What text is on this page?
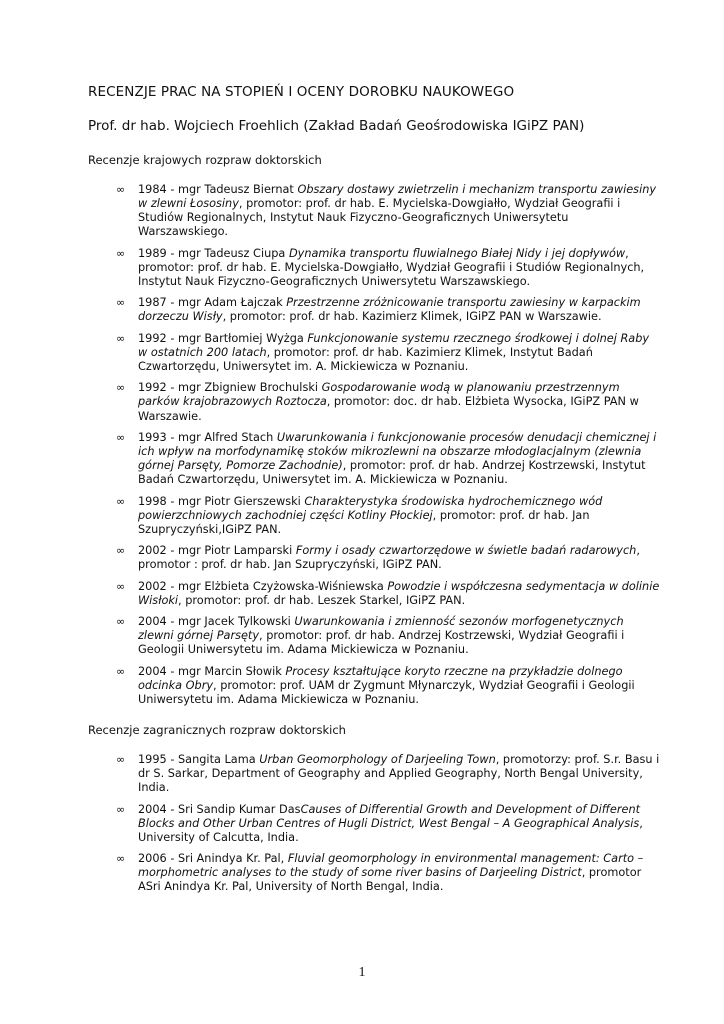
RECENZJE PRAC NA STOPIEŃ I OCENY DOROBKU NAUKOWEGO
Prof. dr hab. Wojciech Froehlich (Zakład Badań Geośrodowiska IGiPZ PAN)
Recenzje krajowych rozpraw doktorskich
∞ 1984 - mgr Tadeusz Biernat Obszary dostawy zwietrzelin i mechanizm transportu zawiesiny w zlewni Łososiny, promotor: prof. dr hab. E. Mycielska-Dowgiałło, Wydział Geografii i Studiów Regionalnych, Instytut Nauk Fizyczno-Geograficznych Uniwersytetu Warszawskiego.
∞ 1989 - mgr Tadeusz Ciupa Dynamika transportu fluwialnego Białej Nidy i jej dopływów, promotor: prof. dr hab. E. Mycielska-Dowgiałło, Wydział Geografii i Studiów Regionalnych, Instytut Nauk Fizyczno-Geograficznych Uniwersytetu Warszawskiego.
∞ 1987 - mgr Adam Łajczak Przestrzenne zróżnicowanie transportu zawiesiny w karpackim dorzeczu Wisły, promotor: prof. dr hab. Kazimierz Klimek, IGiPZ PAN w Warszawie.
∞ 1992 - mgr Bartłomiej Wyżga Funkcjonowanie systemu rzecznego środkowej i dolnej Raby w ostatnich 200 latach, promotor: prof. dr hab. Kazimierz Klimek, Instytut Badań Czwartorzędu, Uniwersytet im. A. Mickiewicza w Poznaniu.
∞ 1992 - mgr Zbigniew Brochulski Gospodarowanie wodą w planowaniu przestrzennym parków krajobrazowych Roztocza, promotor: doc. dr hab. Elżbieta Wysocka, IGiPZ PAN w Warszawie.
∞ 1993 - mgr Alfred Stach Uwarunkowania i funkcjonowanie procesów denudacji chemicznej i ich wpływ na morfodynamikę stoków mikrozlewni na obszarze młodoglacjalnym (zlewnia górnej Parsęty, Pomorze Zachodnie), promotor: prof. dr hab. Andrzej Kostrzewski, Instytut Badań Czwartorzędu, Uniwersytet im. A. Mickiewicza w Poznaniu.
∞ 1998 - mgr Piotr Gierszewski Charakterystyka środowiska hydrochemicznego wód powierzchniowych zachodniej części Kotliny Płockiej, promotor: prof. dr hab. Jan Szupryczyński,IGiPZ PAN.
∞ 2002 - mgr Piotr Lamparski Formy i osady czwartorzędowe w świetle badań radarowych, promotor : prof. dr hab. Jan Szupryczyński, IGiPZ PAN.
∞ 2002 - mgr Elżbieta Czyżowska-Wiśniewska Powodzie i współczesna sedymentacja w dolinie Wisłoki, promotor: prof. dr hab. Leszek Starkel, IGiPZ PAN.
∞ 2004 - mgr Jacek Tylkowski Uwarunkowania i zmienność sezonów morfogenetycznych zlewni górnej Parsęty, promotor: prof. dr hab. Andrzej Kostrzewski, Wydział Geografii i Geologii Uniwersytetu im. Adama Mickiewicza w Poznaniu.
∞ 2004 - mgr Marcin Słowik Procesy kształtujące koryto rzeczne na przykładzie dolnego odcinka Obry, promotor: prof. UAM dr Zygmunt Młynarczyk, Wydział Geografii i Geologii Uniwersytetu im. Adama Mickiewicza w Poznaniu.
Recenzje zagranicznych rozpraw doktorskich
∞ 1995 - Sangita Lama Urban Geomorphology of Darjeeling Town, promotorzy: prof. S.r. Basu i dr S. Sarkar, Department of Geography and Applied Geography, North Bengal University, India.
∞ 2004 - Sri Sandip Kumar DasCauses of Differential Growth and Development of Different Blocks and Other Urban Centres of Hugli District, West Bengal – A Geographical Analysis, University of Calcutta, India.
∞ 2006 - Sri Anindya Kr. Pal, Fluvial geomorphology in environmental management: Carto – morphometric analyses to the study of some river basins of Darjeeling District, promotor ASri Anindya Kr. Pal, University of North Bengal, India.
1
